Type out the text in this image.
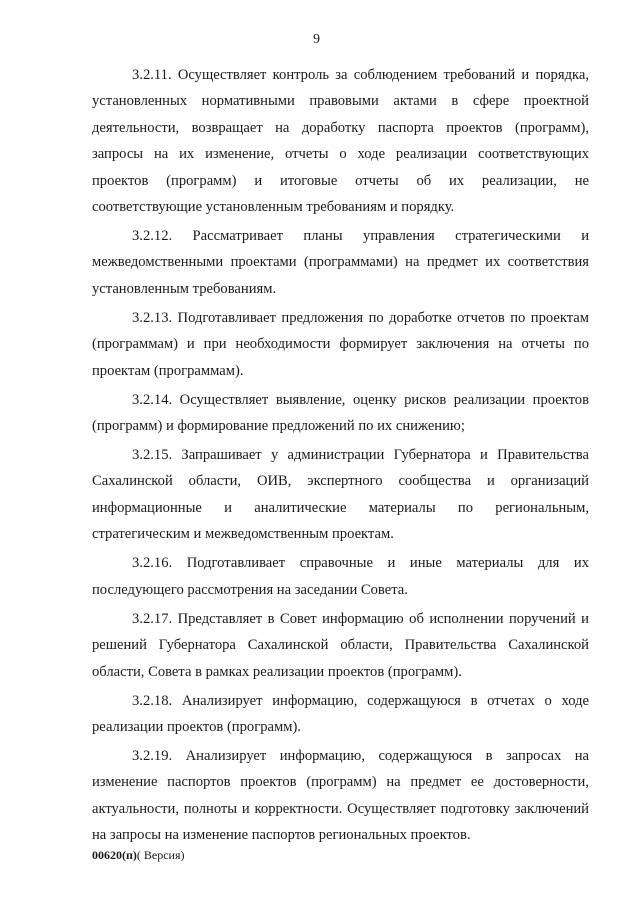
9

3.2.11. Осуществляет контроль за соблюдением требований и порядка, установленных нормативными правовыми актами в сфере проектной деятельности, возвращает на доработку паспорта проектов (программ), запросы на их изменение, отчеты о ходе реализации соответствующих проектов (программ) и итоговые отчеты об их реализации, не соответствующие установленным требованиям и порядку.

3.2.12. Рассматривает планы управления стратегическими и межведомственными проектами (программами) на предмет их соответствия установленным требованиям.

3.2.13. Подготавливает предложения по доработке отчетов по проектам (программам) и при необходимости формирует заключения на отчеты по проектам (программам).

3.2.14. Осуществляет выявление, оценку рисков реализации проектов (программ) и формирование предложений по их снижению;

3.2.15. Запрашивает у администрации Губернатора и Правительства Сахалинской области, ОИВ, экспертного сообщества и организаций информационные и аналитические материалы по региональным, стратегическим и межведомственным проектам.

3.2.16. Подготавливает справочные и иные материалы для их последующего рассмотрения на заседании Совета.

3.2.17. Представляет в Совет информацию об исполнении поручений и решений Губернатора Сахалинской области, Правительства Сахалинской области, Совета в рамках реализации проектов (программ).

3.2.18. Анализирует информацию, содержащуюся в отчетах о ходе реализации проектов (программ).

3.2.19. Анализирует информацию, содержащуюся в запросах на изменение паспортов проектов (программ) на предмет ее достоверности, актуальности, полноты и корректности. Осуществляет подготовку заключений на запросы на изменение паспортов региональных проектов.

00620(п)( Версия)
